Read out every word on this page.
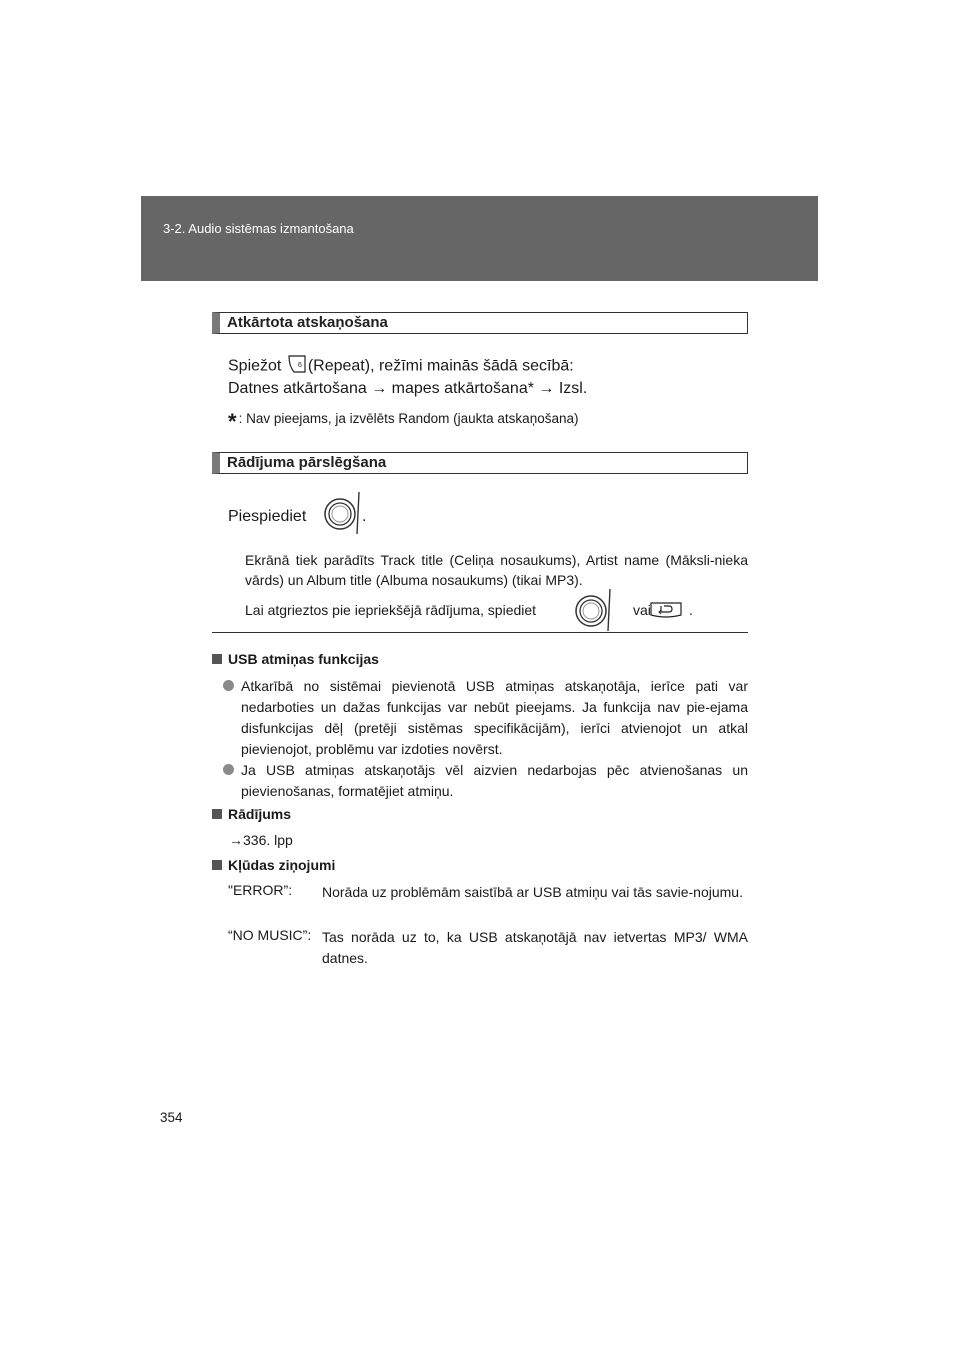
3-2. Audio sistēmas izmantošana
Atkārtota atskaņošana
Spiežot 6 (Repeat), režīmi mainās šādā secībā:
Datnes atkārtošana → mapes atkārtošana* → Izsl.
* : Nav pieejams, ja izvēlēts Random (jaukta atskaņošana)
Rādījuma pārslēgšana
Piespiediet	.
Ekrānā tiek parādīts Track title (Celiņa nosaukums), Artist name (Māksli-nieka vārds) un Album title (Albuma nosaukums) (tikai MP3).
Lai atgrieztos pie iepriekšējā rādījuma, spiediet	vai	.
USB atmiņas funkcijas
Atkarībā no sistēmai pievienotā USB atmiņas atskaņotāja, ierīce pati var nedarboties un dažas funkcijas var nebūt pieejams. Ja funkcija nav pie-ejama disfunkcijas dēļ (pretēji sistēmas specifikācijām), ierīci atvienojot un atkal pievienojot, problēmu var izdoties novērst.
Ja USB atmiņas atskaņotājs vēl aizvien nedarbojas pēc atvienošanas un pievienošanas, formatējiet atmiņu.
Rādījums
→336. lpp
Kļūdas ziņojumi
"ERROR”: Norāda uz problēmām saistībā ar USB atmiņu vai tās savie-nojumu.
“NO MUSIC”: Tas norāda uz to, ka USB atskaņotājā nav ietvertas MP3/ WMA datnes.
354
